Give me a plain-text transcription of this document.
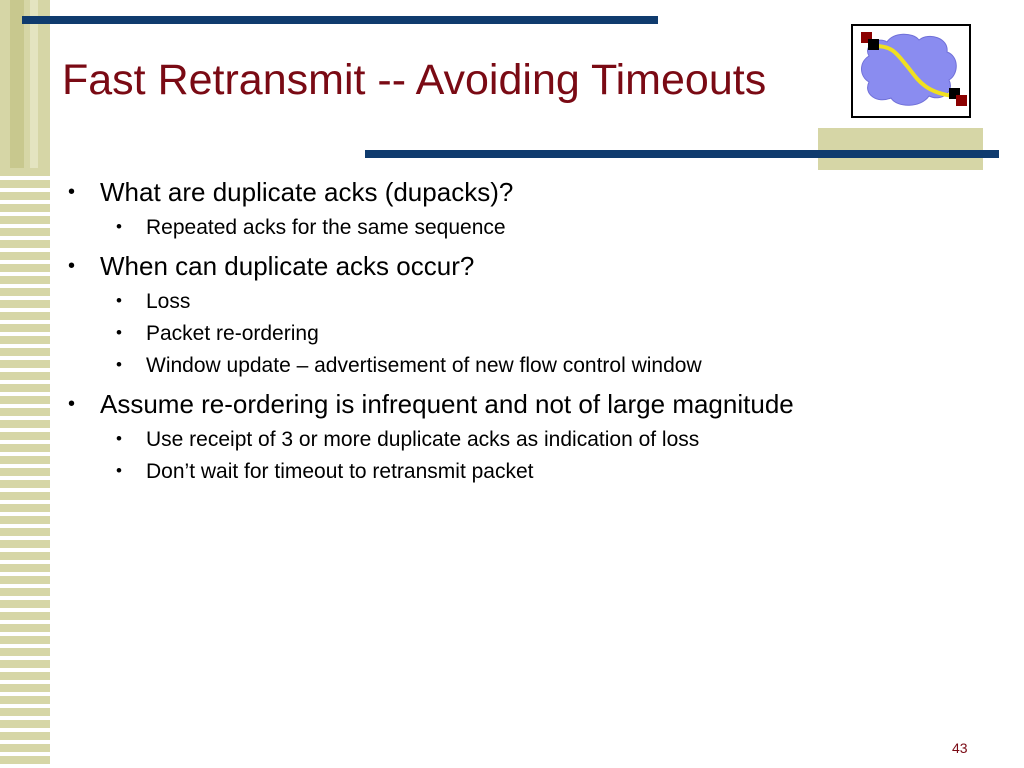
Fast Retransmit -- Avoiding Timeouts
• What are duplicate acks (dupacks)?
• Repeated acks for the same sequence
• When can duplicate acks occur?
• Loss
• Packet re-ordering
• Window update – advertisement of new flow control window
• Assume re-ordering is infrequent and not of large magnitude
• Use receipt of 3 or more duplicate acks as indication of loss
• Don’t wait for timeout to retransmit packet
43
